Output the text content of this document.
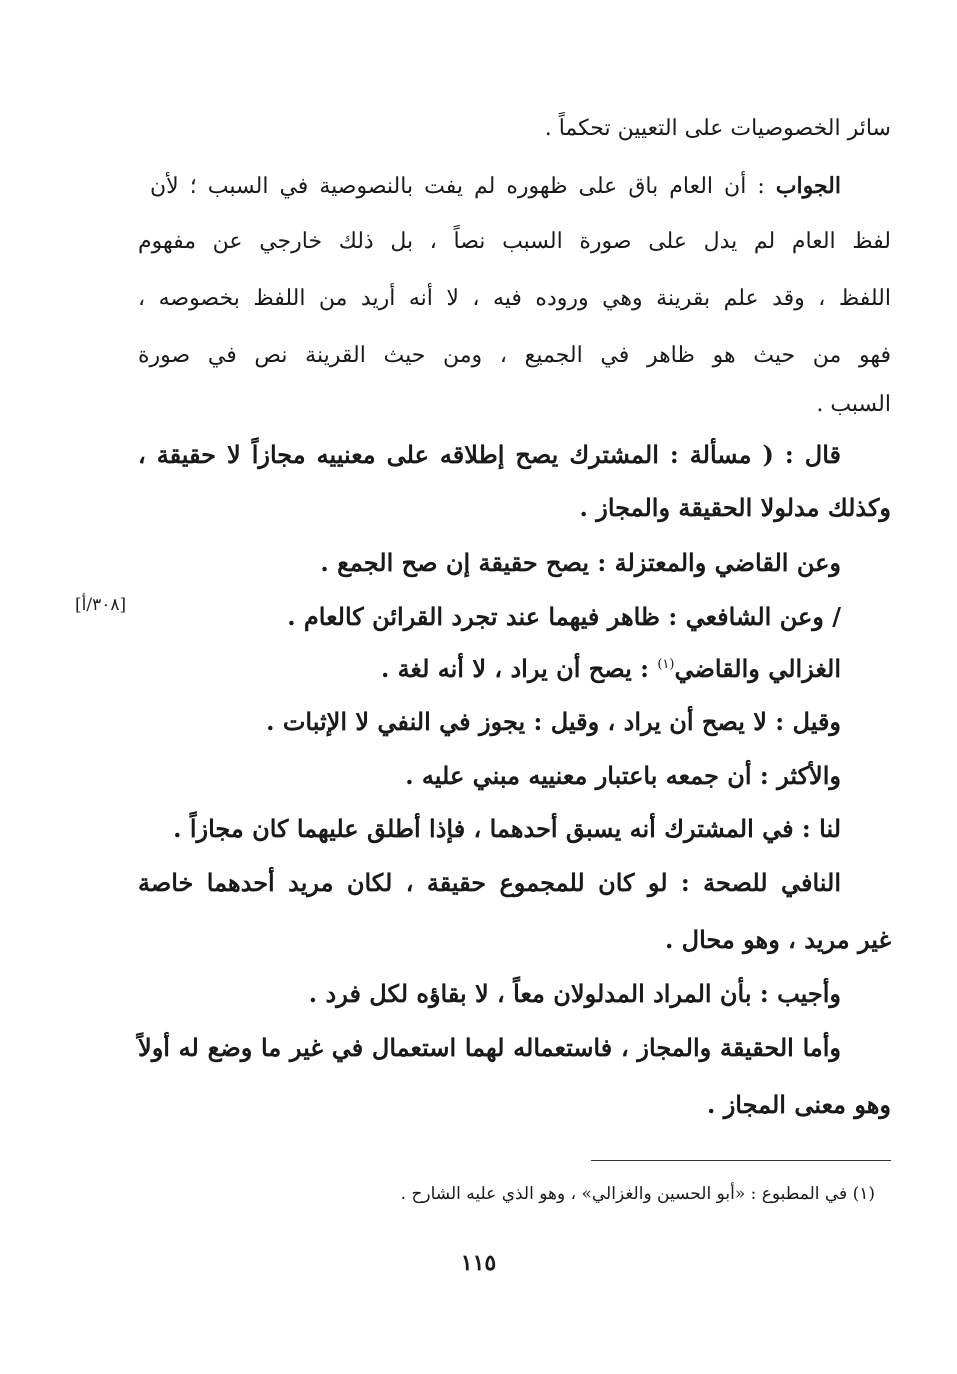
سائر الخصوصيات على التعيين تحكماً .
الجواب : أن العام باق على ظهوره لم يفت بالنصوصية في السبب ؛ لأن
لفظ العام لم يدل على صورة السبب نصاً ، بل ذلك خارجي عن مفهوم
اللفظ ، وقد علم بقرينة وهي وروده فيه ، لا أنه أريد من اللفظ بخصوصه ،
فهو من حيث هو ظاهر في الجميع ، ومن حيث القرينة نص في صورة
السبب .
قال : ( مسألة : المشترك يصح إطلاقه على معنييه مجازاً لا حقيقة ،
وكذلك مدلولا الحقيقة والمجاز .
وعن القاضي والمعتزلة : يصح حقيقة إن صح الجمع .
/ وعن الشافعي : ظاهر فيهما عند تجرد القرائن كالعام .
[٣٠٨/أ]
الغزالي والقاضي$^{(١)}$ : يصح أن يراد ، لا أنه لغة .
وقيل : لا يصح أن يراد ، وقيل : يجوز في النفي لا الإثبات .
والأكثر : أن جمعه باعتبار معنييه مبني عليه .
لنا : في المشترك أنه يسبق أحدهما ، فإذا أطلق عليهما كان مجازاً .
النافي للصحة : لو كان للمجموع حقيقة ، لكان مريد أحدهما خاصة
غير مريد ، وهو محال .
وأجيب : بأن المراد المدلولان معاً ، لا بقاؤه لكل فرد .
وأما الحقيقة والمجاز ، فاستعماله لهما استعمال في غير ما وضع له أولاً
وهو معنى المجاز .
(١) في المطبوع : «أبو الحسين والغزالي» ، وهو الذي عليه الشارح .
١١٥
